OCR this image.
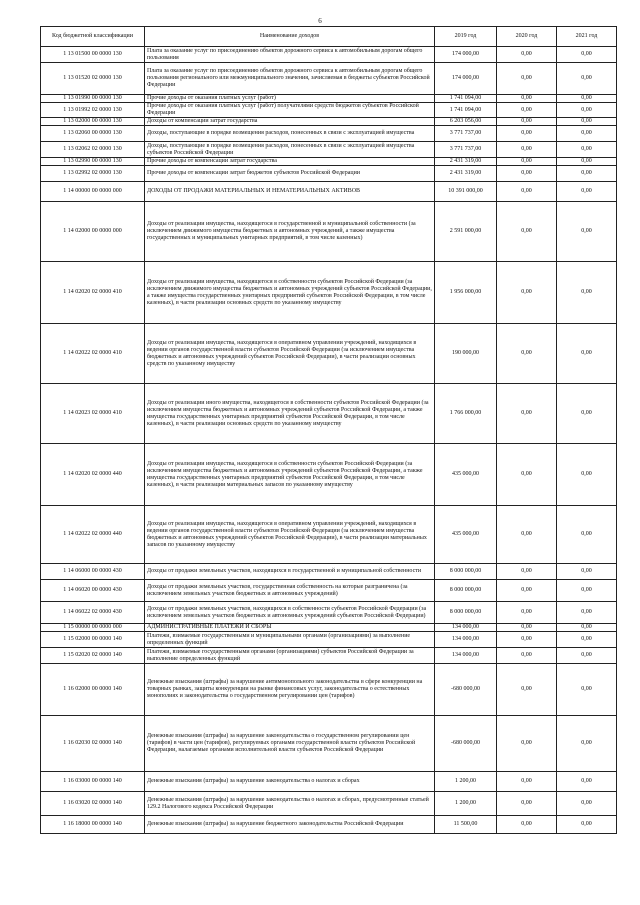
6
Код бюджетной классификации	Наименование доходов	2019 год	2020 год	2021 год
1 13 01500 00 0000 130	Плата за оказание услуг по присоединению объектов дорожного сервиса к автомобильным дорогам общего пользования	174 000,00	0,00	0,00
1 13 01520 02 0000 130	Плата за оказание услуг по присоединению объектов дорожного сервиса к автомобильным дорогам общего пользования регионального или межмуниципального значения, зачисляемая в бюджеты субъектов Российской Федерации	174 000,00	0,00	0,00
1 13 01990 00 0000 130	Прочие доходы от оказания платных услуг (работ)	1 741 094,00	0,00	0,00
1 13 01992 02 0000 130	Прочие доходы от оказания платных услуг (работ) получателями средств бюджетов субъектов Российской Федерации	1 741 094,00	0,00	0,00
1 13 02000 00 0000 130	Доходы от компенсации затрат государства	6 203 056,00	0,00	0,00
1 13 02060 00 0000 130	Доходы, поступающие в порядке возмещения расходов, понесенных в связи с эксплуатацией имущества	3 771 737,00	0,00	0,00
1 13 02062 02 0000 130	Доходы, поступающие в порядке возмещения расходов, понесенных в связи с эксплуатацией имущества субъектов Российской Федерации	3 771 737,00	0,00	0,00
1 13 02990 00 0000 130	Прочие доходы от компенсации затрат государства	2 431 319,00	0,00	0,00
1 13 02992 02 0000 130	Прочие доходы от компенсации затрат бюджетов субъектов Российской Федерации	2 431 319,00	0,00	0,00
1 14 00000 00 0000 000	ДОХОДЫ ОТ ПРОДАЖИ МАТЕРИАЛЬНЫХ И НЕМАТЕРИАЛЬНЫХ АКТИВОВ	10 391 000,00	0,00	0,00
1 14 02000 00 0000 000	Доходы от реализации имущества, находящегося в государственной и муниципальной собственности (за исключением движимого имущества бюджетных и автономных учреждений, а также имущества государственных и муниципальных унитарных предприятий, в том числе казенных)	2 591 000,00	0,00	0,00
1 14 02020 02 0000 410	Доходы от реализации имущества, находящегося в собственности субъектов Российской Федерации (за исключением движимого имущества бюджетных и автономных учреждений субъектов Российской Федерации, а также имущества государственных унитарных предприятий субъектов Российской Федерации, в том числе казенных), в части реализации основных средств по указанному имуществу	1 956 000,00	0,00	0,00
1 14 02022 02 0000 410	Доходы от реализации имущества, находящегося в оперативном управлении учреждений, находящихся в ведении органов государственной власти субъектов Российской Федерации (за исключением имущества бюджетных и автономных учреждений субъектов Российской Федерации), в части реализации основных средств по указанному имуществу	190 000,00	0,00	0,00
1 14 02023 02 0000 410	Доходы от реализации иного имущества, находящегося в собственности субъектов Российской Федерации (за исключением имущества бюджетных и автономных учреждений субъектов Российской Федерации, а также имущества государственных унитарных предприятий субъектов Российской Федерации, в том числе казенных), в части реализации основных средств по указанному имуществу	1 766 000,00	0,00	0,00
1 14 02020 02 0000 440	Доходы от реализации имущества, находящегося в собственности субъектов Российской Федерации (за исключением имущества бюджетных и автономных учреждений субъектов Российской Федерации, а также имущества государственных унитарных предприятий субъектов Российской Федерации, в том числе казенных), в части реализации материальных запасов по указанному имуществу	435 000,00	0,00	0,00
1 14 02022 02 0000 440	Доходы от реализации имущества, находящегося в оперативном управлении учреждений, находящихся в ведении органов государственной власти субъектов Российской Федерации (за исключением имущества бюджетных и автономных учреждений субъектов Российской Федерации), в части реализации материальных запасов по указанному имуществу	435 000,00	0,00	0,00
1 14 06000 00 0000 430	Доходы от продажи земельных участков, находящихся в государственной и муниципальной собственности	8 000 000,00	0,00	0,00
1 14 06020 00 0000 430	Доходы от продажи земельных участков, государственная собственность на которые разграничена (за исключением земельных участков бюджетных и автономных учреждений)	8 000 000,00	0,00	0,00
1 14 06022 02 0000 430	Доходы от продажи земельных участков, находящихся в собственности субъектов Российской Федерации (за исключением земельных участков бюджетных и автономных учреждений субъектов Российской Федерации)	8 000 000,00	0,00	0,00
1 15 00000 00 0000 000	АДМИНИСТРАТИВНЫЕ ПЛАТЕЖИ И СБОРЫ	134 000,00	0,00	0,00
1 15 02000 00 0000 140	Платежи, взимаемые государственными и муниципальными органами (организациями) за выполнение определенных функций	134 000,00	0,00	0,00
1 15 02020 02 0000 140	Платежи, взимаемые государственными органами (организациями) субъектов Российской Федерации за выполнение определенных функций	134 000,00	0,00	0,00
1 16 02000 00 0000 140	Денежные взыскания (штрафы) за нарушение антимонопольного законодательства в сфере конкуренции на товарных рынках, защиты конкуренции на рынке финансовых услуг, законодательства о естественных монополиях и законодательства о государственном регулировании цен (тарифов)	-680 000,00	0,00	0,00
1 16 02030 02 0000 140	Денежные взыскания (штрафы) за нарушение законодательства о государственном регулировании цен (тарифов) в части цен (тарифов), регулируемых органами государственной власти субъектов Российской Федерации, налагаемые органами исполнительной власти субъектов Российской Федерации	-680 000,00	0,00	0,00
1 16 03000 00 0000 140	Денежные взыскания (штрафы) за нарушение законодательства о налогах и сборах	1 200,00	0,00	0,00
1 16 03020 02 0000 140	Денежные взыскания (штрафы) за нарушение законодательства о налогах и сборах, предусмотренные статьей 129.2 Налогового кодекса Российской Федерации	1 200,00	0,00	0,00
1 16 18000 00 0000 140	Денежные взыскания (штрафы) за нарушение бюджетного законодательства Российской Федерации	11 500,00	0,00	0,00
